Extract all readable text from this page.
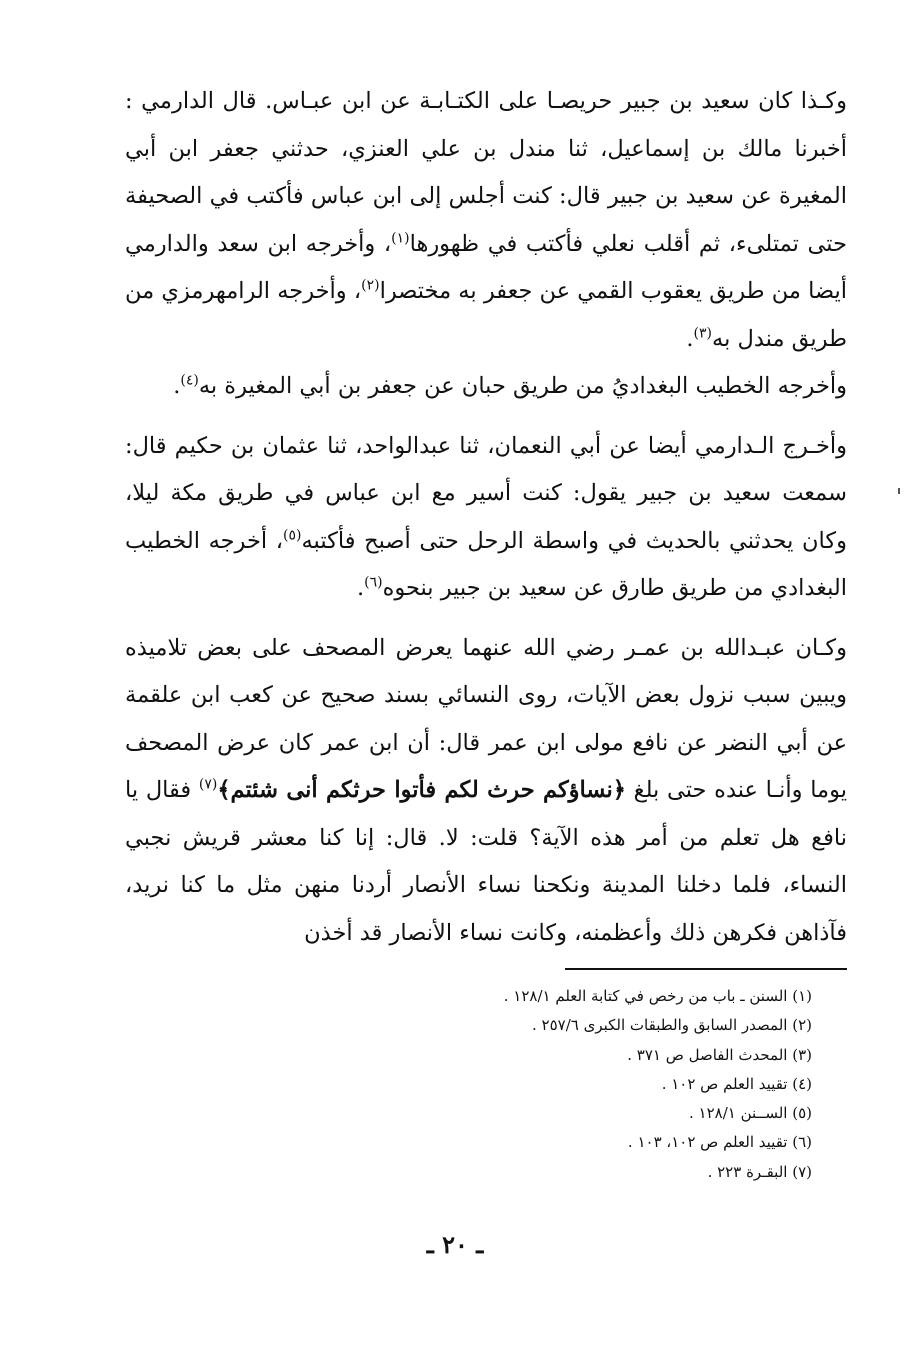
وكـذا كان سعيد بن جبير حريصـا على الكتـابـة عن ابن عبـاس. قال الدارمي : أخبرنا مالك بن إسماعيل، ثنا مندل بن علي العنزي، حدثني جعفر ابن أبي المغيرة عن سعيد بن جبير قال: كنت أجلس إلى ابن عباس فأكتب في الصحيفة حتى تمتلىء، ثم أقلب نعلي فأكتب في ظهورها$^{(١)}$، وأخرجه ابن سعد والدارمي أيضا من طريق يعقوب القمي عن جعفر به مختصرا$^{(٢)}$، وأخرجه الرامهرمزي من طريق مندل به$^{(٣)}$.

وأخرجه الخطيب البغداديُ من طريق حبان عن جعفر بن أبي المغيرة به$^{(٤)}$.

وأخـرج الـدارمي أيضا عن أبي النعمان، ثنا عبدالواحد، ثنا عثمان بن حكيم قال: سمعت سعيد بن جبير يقول: كنت أسير مع ابن عباس في طريق مكة ليلا، وكان يحدثني بالحديث في واسطة الرحل حتى أصبح فأكتبه$^{(٥)}$، أخرجه الخطيب البغدادي من طريق طارق عن سعيد بن جبير بنحوه$^{(٦)}$.

وكـان عبـدالله بن عمـر رضي الله عنهما يعرض المصحف على بعض تلاميذه ويبين سبب نزول بعض الآيات، روى النسائي بسند صحيح عن كعب ابن علقمة عن أبي النضر عن نافع مولى ابن عمر قال: أن ابن عمر كان عرض المصحف يوما وأنـا عنده حتى بلغ ﴿نساؤكم حرث لكم فأتوا حرثكم أنى شئتم﴾$^{(٧)}$ فقال يا نافع هل تعلم من أمر هذه الآية؟ قلت: لا. قال: إنا كنا معشر قريش نجبي النساء، فلما دخلنا المدينة ونكحنا نساء الأنصار أردنا منهن مثل ما كنا نريد، فآذاهن فكرهن ذلك وأعظمنه، وكانت نساء الأنصار قد أخذن

(١) السنن ـ باب من رخص في كتابة العلم ١٢٨/١ .
(٢) المصدر السابق والطبقات الكبرى ٢٥٧/٦ .
(٣) المحدث الفاصل ص ٣٧١ .
(٤) تقييد العلم ص ١٠٢ .
(٥) الســنن ١٢٨/١ .
(٦) تقييد العلم ص ١٠٢، ١٠٣ .
(٧) البقـرة ٢٢٣ .
ـ ٢٠ ـ
